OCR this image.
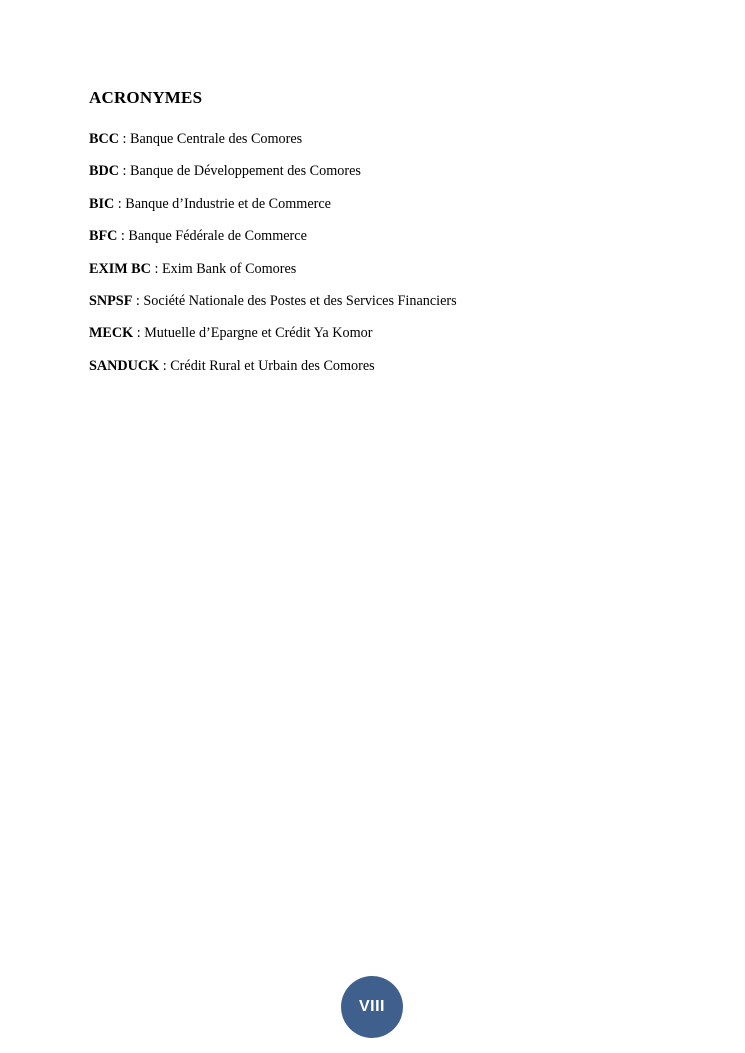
ACRONYMES
BCC : Banque Centrale des Comores
BDC : Banque de Développement des Comores
BIC : Banque d’Industrie et de Commerce
BFC : Banque Fédérale de Commerce
EXIM BC : Exim Bank of Comores
SNPSF : Société Nationale des Postes et des Services Financiers
MECK : Mutuelle d’Epargne et Crédit Ya Komor
SANDUCK : Crédit Rural et Urbain des Comores
VIII
